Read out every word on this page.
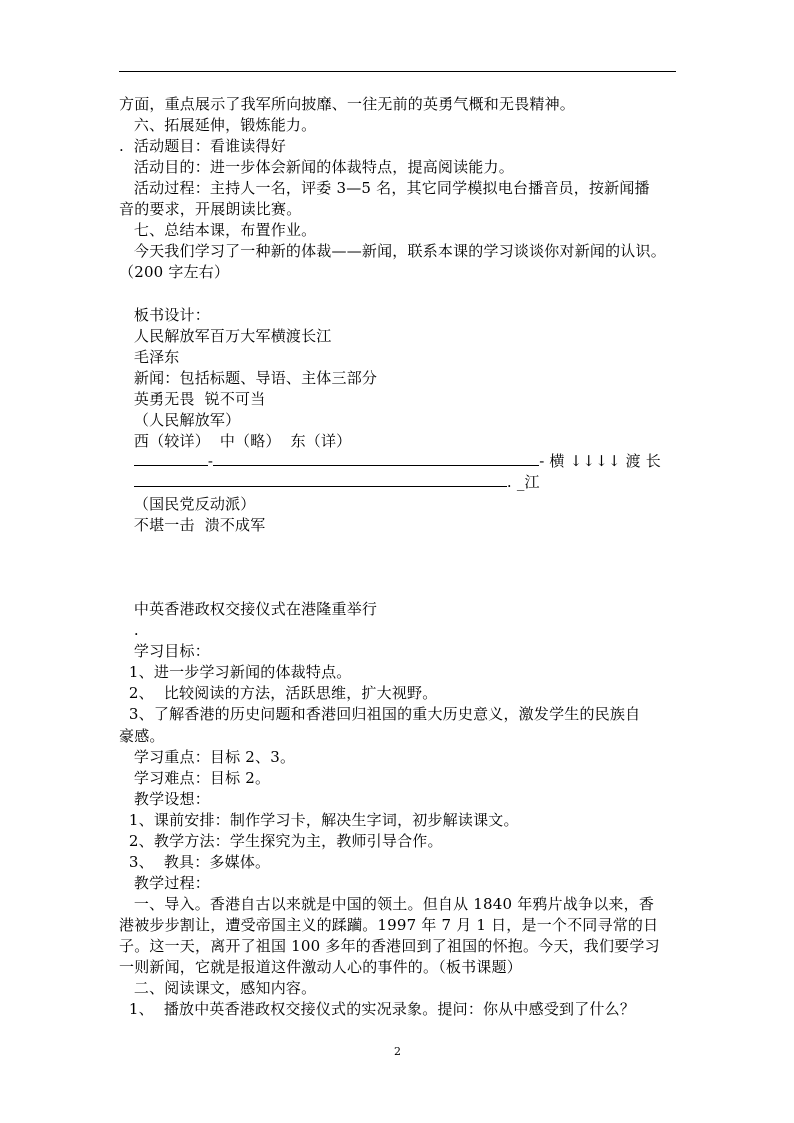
方面，重点展示了我军所向披靡、一往无前的英勇气概和无畏精神。
六、拓展延伸，锻炼能力。
.  活动题目：看谁读得好
活动目的：进一步体会新闻的体裁特点，提高阅读能力。
活动过程：主持人一名，评委 3—5 名，其它同学模拟电台播音员，按新闻播
音的要求，开展朗读比赛。
七、总结本课，布置作业。
今天我们学习了一种新的体裁——新闻，联系本课的学习谈谈你对新闻的认识。
（200 字左右）
板书设计：
人民解放军百万大军横渡长江
毛泽东
新闻：包括标题、导语、主体三部分
英勇无畏  锐不可当
（人民解放军）
西（较详）  中（略）  东（详）
（国民党反动派）
不堪一击  溃不成军
中英香港政权交接仪式在港隆重举行
.
学习目标：
1、进一步学习新闻的体裁特点。
2、  比较阅读的方法，活跃思维，扩大视野。
3、了解香港的历史问题和香港回归祖国的重大历史意义，激发学生的民族自
豪感。
学习重点：目标 2、3。
学习难点：目标 2。
教学设想：
1、课前安排：制作学习卡，解决生字词，初步解读课文。
2、教学方法：学生探究为主，教师引导合作。
3、  教具：多媒体。
教学过程：
一、导入。香港自古以来就是中国的领土。但自从 1840 年鸦片战争以来，香
港被步步割让，遭受帝国主义的蹂躏。1997 年 7 月 1 日，是一个不同寻常的日
子。这一天，离开了祖国 100 多年的香港回到了祖国的怀抱。今天，我们要学习
一则新闻，它就是报道这件激动人心的事件的。（板书课题）
二、阅读课文，感知内容。
1、  播放中英香港政权交接仪式的实况录象。提问：你从中感受到了什么？
-	- 横 ↓↓↓↓ 渡 长
. _江
2
